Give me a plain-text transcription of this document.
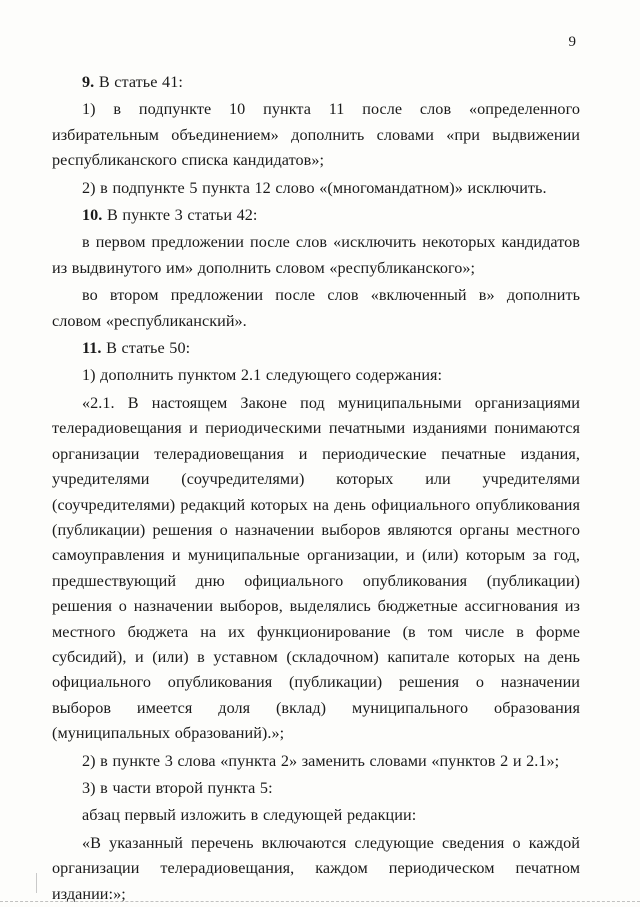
9

9. В статье 41:

1) в подпункте 10 пункта 11 после слов «определенного избирательным объединением» дополнить словами «при выдвижении республиканского списка кандидатов»;

2) в подпункте 5 пункта 12 слово «(многомандатном)» исключить.

10. В пункте 3 статьи 42:

в первом предложении после слов «исключить некоторых кандидатов из выдвинутого им» дополнить словом «республиканского»;

во втором предложении после слов «включенный в» дополнить словом «республиканский».

11. В статье 50:

1) дополнить пунктом 2.1 следующего содержания:

«2.1. В настоящем Законе под муниципальными организациями телерадиовещания и периодическими печатными изданиями понимаются организации телерадиовещания и периодические печатные издания, учредителями (соучредителями) которых или учредителями (соучредителями) редакций которых на день официального опубликования (публикации) решения о назначении выборов являются органы местного самоуправления и муниципальные организации, и (или) которым за год, предшествующий дню официального опубликования (публикации) решения о назначении выборов, выделялись бюджетные ассигнования из местного бюджета на их функционирование (в том числе в форме субсидий), и (или) в уставном (складочном) капитале которых на день официального опубликования (публикации) решения о назначении выборов имеется доля (вклад) муниципального образования (муниципальных образований).»;

2) в пункте 3 слова «пункта 2» заменить словами «пунктов 2 и 2.1»;

3) в части второй пункта 5:

абзац первый изложить в следующей редакции:

«В указанный перечень включаются следующие сведения о каждой организации телерадиовещания, каждом периодическом печатном издании:»;
